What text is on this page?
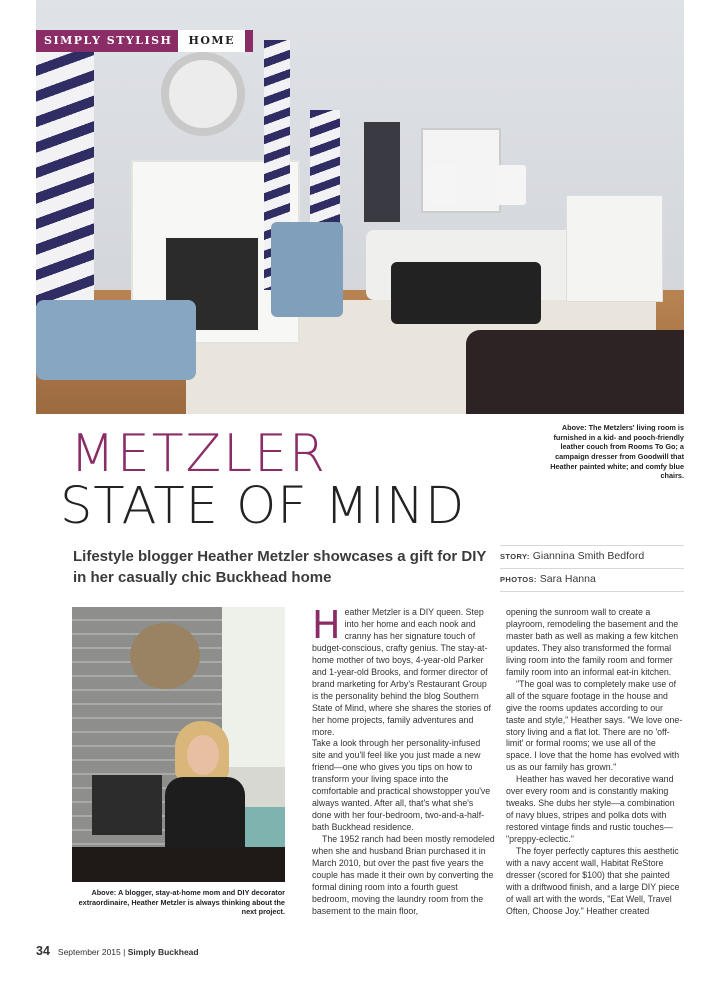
SIMPLY STYLISH HOME
Above: The Metzlers' living room is furnished in a kid- and pooch-friendly leather couch from Rooms To Go; a campaign dresser from Goodwill that Heather painted white; and comfy blue chairs.
METZLER
STATE OF MIND
Lifestyle blogger Heather Metzler showcases a gift for DIY in her casually chic Buckhead home
STORY: Giannina Smith Bedford
PHOTOS: Sara Hanna
Above: A blogger, stay-at-home mom and DIY decorator extraordinaire, Heather Metzler is always thinking about the next project.

Heather Metzler is a DIY queen. Step into her home and each nook and cranny has her signature touch of budget-conscious, crafty genius. The stay-at-home mother of two boys, 4-year-old Parker and 1-year-old Brooks, and former director of brand marketing for Arby's Restaurant Group is the personality behind the blog Southern State of Mind, where she shares the stories of her home projects, family adventures and more.

Take a look through her personality-infused site and you'll feel like you just made a new friend—one who gives you tips on how to transform your living space into the comfortable and practical showstopper you've always wanted. After all, that's what she's done with her four-bedroom, two-and-a-half-bath Buckhead residence.

The 1952 ranch had been mostly remodeled when she and husband Brian purchased it in March 2010, but over the past five years the couple has made it their own by converting the formal dining room into a fourth guest bedroom, moving the laundry room from the basement to the main floor,

opening the sunroom wall to create a playroom, remodeling the basement and the master bath as well as making a few kitchen updates. They also transformed the formal living room into the family room and former family room into an informal eat-in kitchen.

"The goal was to completely make use of all of the square footage in the house and give the rooms updates according to our taste and style," Heather says. "We love one-story living and a flat lot. There are no 'off-limit' or formal rooms; we use all of the space. I love that the home has evolved with us as our family has grown."

Heather has waved her decorative wand over every room and is constantly making tweaks. She dubs her style—a combination of navy blues, stripes and polka dots with restored vintage finds and rustic touches— "preppy-eclectic."

The foyer perfectly captures this aesthetic with a navy accent wall, Habitat ReStore dresser (scored for $100) that she painted with a driftwood finish, and a large DIY piece of wall art with the words, "Eat Well, Travel Often, Choose Joy." Heather created

34 September 2015 | Simply Buckhead
